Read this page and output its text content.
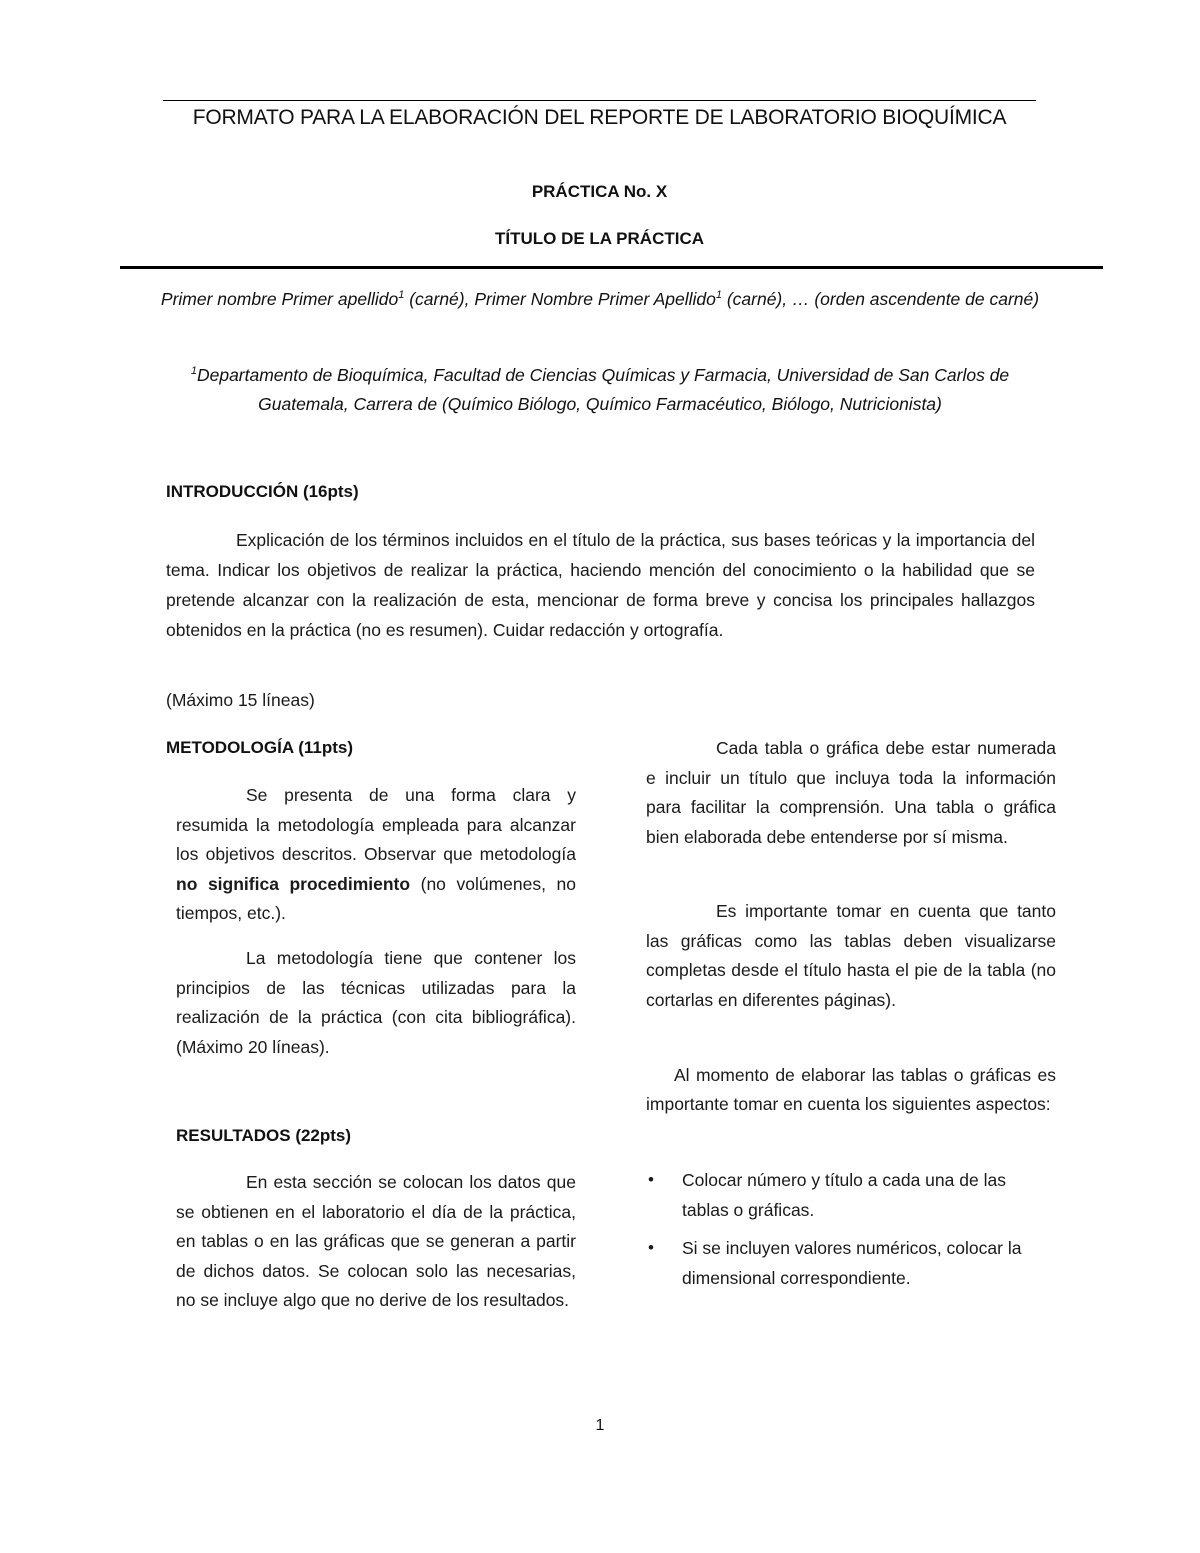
FORMATO PARA LA ELABORACIÓN DEL REPORTE DE LABORATORIO BIOQUÍMICA
PRÁCTICA No. X
TÍTULO DE LA PRÁCTICA
Primer nombre Primer apellido$^1$ (carné), Primer Nombre Primer Apellido$^1$ (carné), … (orden ascendente de carné)
$^1$Departamento de Bioquímica, Facultad de Ciencias Químicas y Farmacia, Universidad de San Carlos de Guatemala, Carrera de (Químico Biólogo, Químico Farmacéutico, Biólogo, Nutricionista)
INTRODUCCIÓN (16pts)

Explicación de los términos incluidos en el título de la práctica, sus bases teóricas y la importancia del tema. Indicar los objetivos de realizar la práctica, haciendo mención del conocimiento o la habilidad que se pretende alcanzar con la realización de esta, mencionar de forma breve y concisa los principales hallazgos obtenidos en la práctica (no es resumen). Cuidar redacción y ortografía.

(Máximo 15 líneas)
METODOLOGÍA (11pts)

Se presenta de una forma clara y resumida la metodología empleada para alcanzar los objetivos descritos. Observar que metodología no significa procedimiento (no volúmenes, no tiempos, etc.).

La metodología tiene que contener los principios de las técnicas utilizadas para la realización de la práctica (con cita bibliográfica). (Máximo 20 líneas).

RESULTADOS (22pts)

En esta sección se colocan los datos que se obtienen en el laboratorio el día de la práctica, en tablas o en las gráficas que se generan a partir de dichos datos. Se colocan solo las necesarias, no se incluye algo que no derive de los resultados.

Cada tabla o gráfica debe estar numerada e incluir un título que incluya toda la información para facilitar la comprensión. Una tabla o gráfica bien elaborada debe entenderse por sí misma.

Es importante tomar en cuenta que tanto las gráficas como las tablas deben visualizarse completas desde el título hasta el pie de la tabla (no cortarlas en diferentes páginas).

Al momento de elaborar las tablas o gráficas es importante tomar en cuenta los siguientes aspectos:

• Colocar número y título a cada una de las tablas o gráficas.
• Si se incluyen valores numéricos, colocar la dimensional correspondiente.
1
